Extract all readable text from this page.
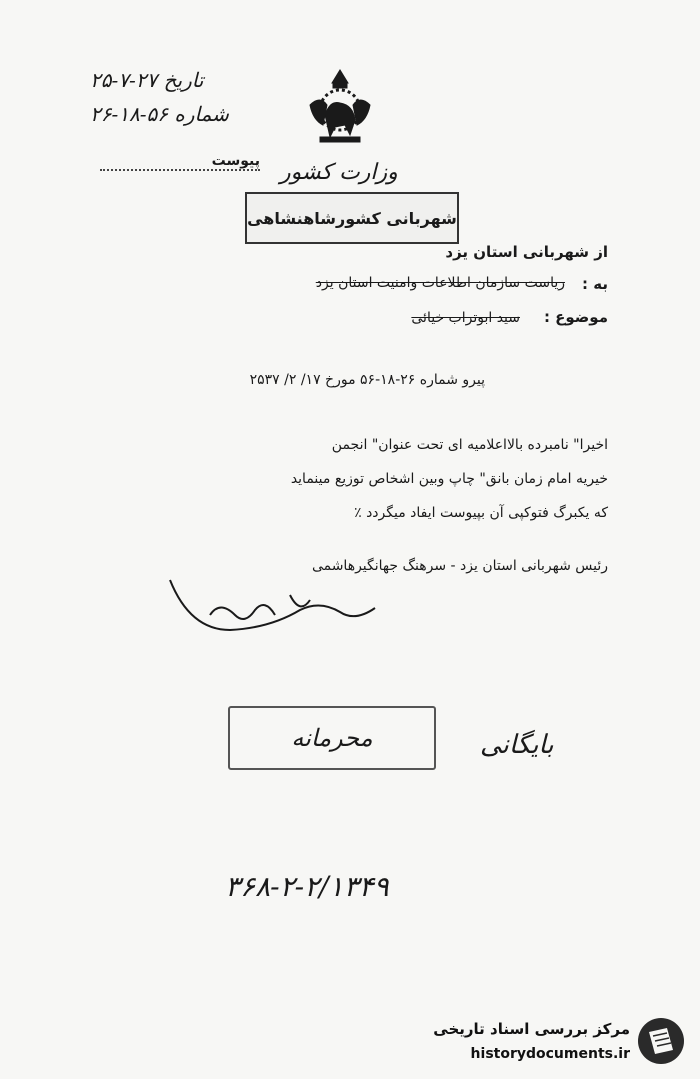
تاریخ ۲۷-۷-۲۵
شماره ۵۶-۱۸-۲۶
پیوست وزارت کشور
شهربانی کشورشاهنشاهی
از شهربانی استان یزد
به :
ریاست سازمان اطلاعات وامنیت استان یزد
موضوع :
سید ابوتراب خیائی
پیرو شماره ۲۶-۱۸-۵۶ مورخ ۱۷/ ۲/ ۲۵۳۷
اخیرا" نامبرده بالااعلامیه ای تحت عنوان" انجمن
خیریه امام زمان بانق" چاپ وبین اشخاص توزیع مینماید
که یکبرگ فتوکپی آن بپیوست ایفاد میگردد ٪
رئیس شهربانی استان یزد - سرهنگ جهانگیرهاشمی
محرمانه	بایگانی
۳۶۸-۲-۲/۱۳۴۹
مرکز بررسی اسناد تاریخی
historydocuments.ir
